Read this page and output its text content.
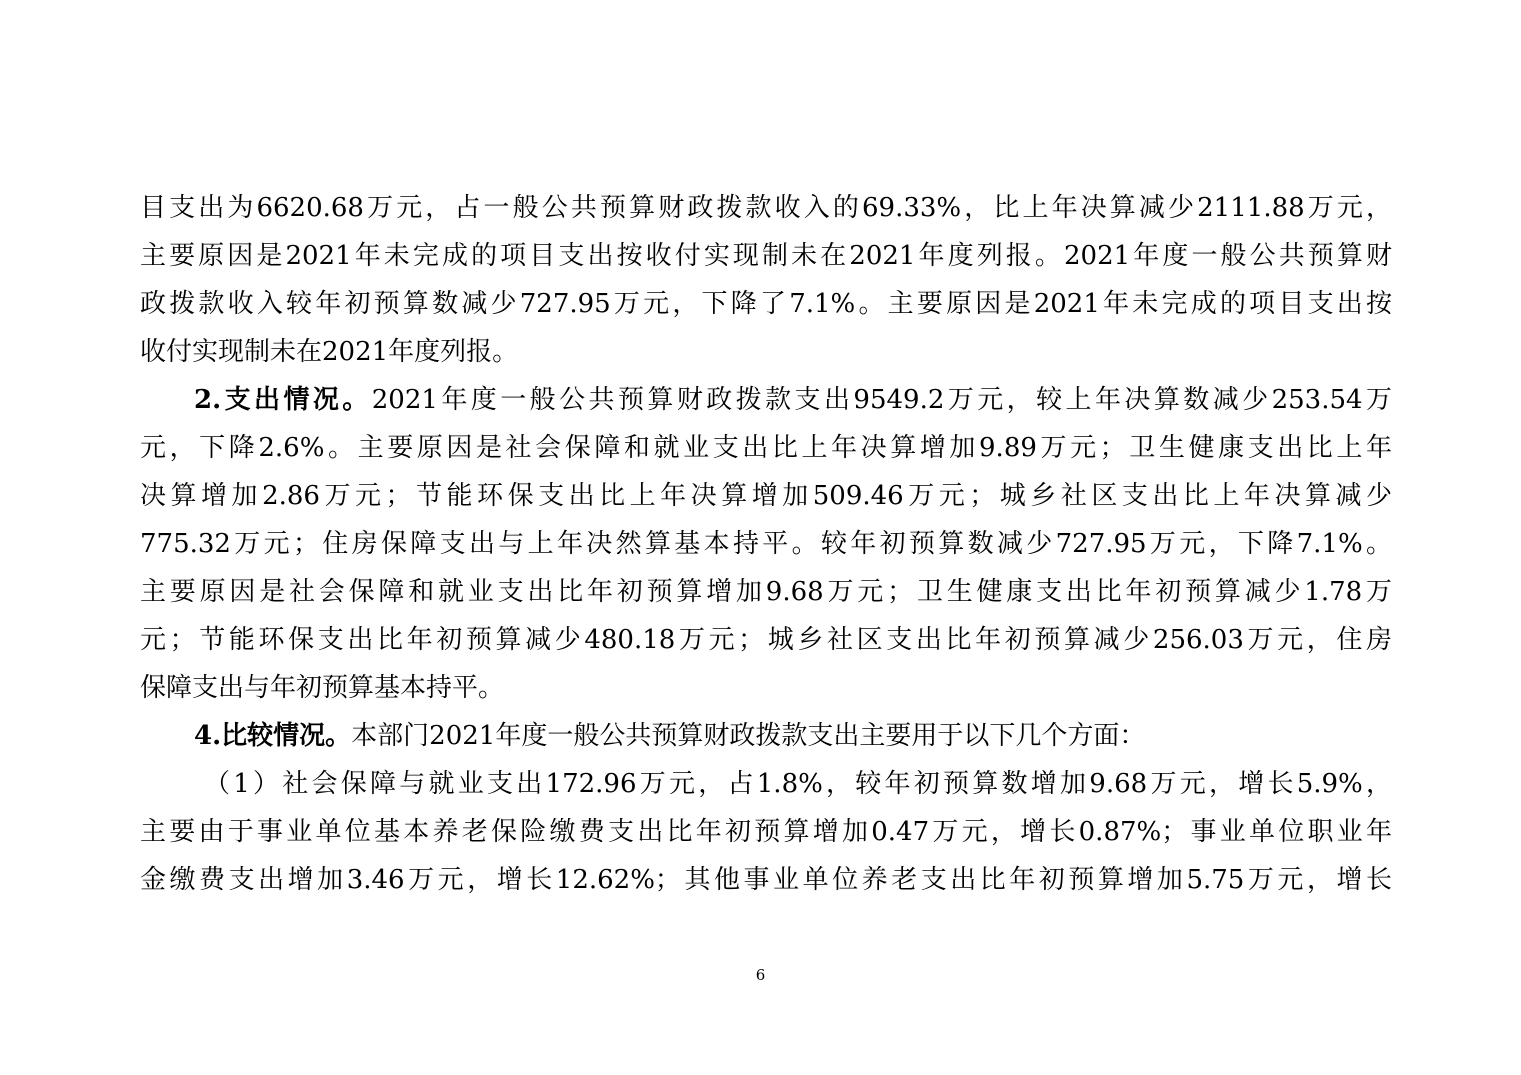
目支出为6620.68万元，占一般公共预算财政拨款收入的69.33%，比上年决算减少2111.88万元，
主要原因是2021年未完成的项目支出按收付实现制未在2021年度列报。2021年度一般公共预算财
政拨款收入较年初预算数减少727.95万元，下降了7.1%。主要原因是2021年未完成的项目支出按
收付实现制未在2021年度列报。
2.支出情况。2021年度一般公共预算财政拨款支出9549.2万元，较上年决算数减少253.54万
元，下降2.6%。主要原因是社会保障和就业支出比上年决算增加9.89万元；卫生健康支出比上年
决算增加2.86万元；节能环保支出比上年决算增加509.46万元；城乡社区支出比上年决算减少
775.32万元；住房保障支出与上年决然算基本持平。较年初预算数减少727.95万元，下降7.1%。
主要原因是社会保障和就业支出比年初预算增加9.68万元；卫生健康支出比年初预算减少1.78万
元；节能环保支出比年初预算减少480.18万元；城乡社区支出比年初预算减少256.03万元，住房
保障支出与年初预算基本持平。
4.比较情况。本部门2021年度一般公共预算财政拨款支出主要用于以下几个方面：
（1）社会保障与就业支出172.96万元，占1.8%，较年初预算数增加9.68万元，增长5.9%，
主要由于事业单位基本养老保险缴费支出比年初预算增加0.47万元，增长0.87%；事业单位职业年
金缴费支出增加3.46万元，增长12.62%；其他事业单位养老支出比年初预算增加5.75万元，增长
6
